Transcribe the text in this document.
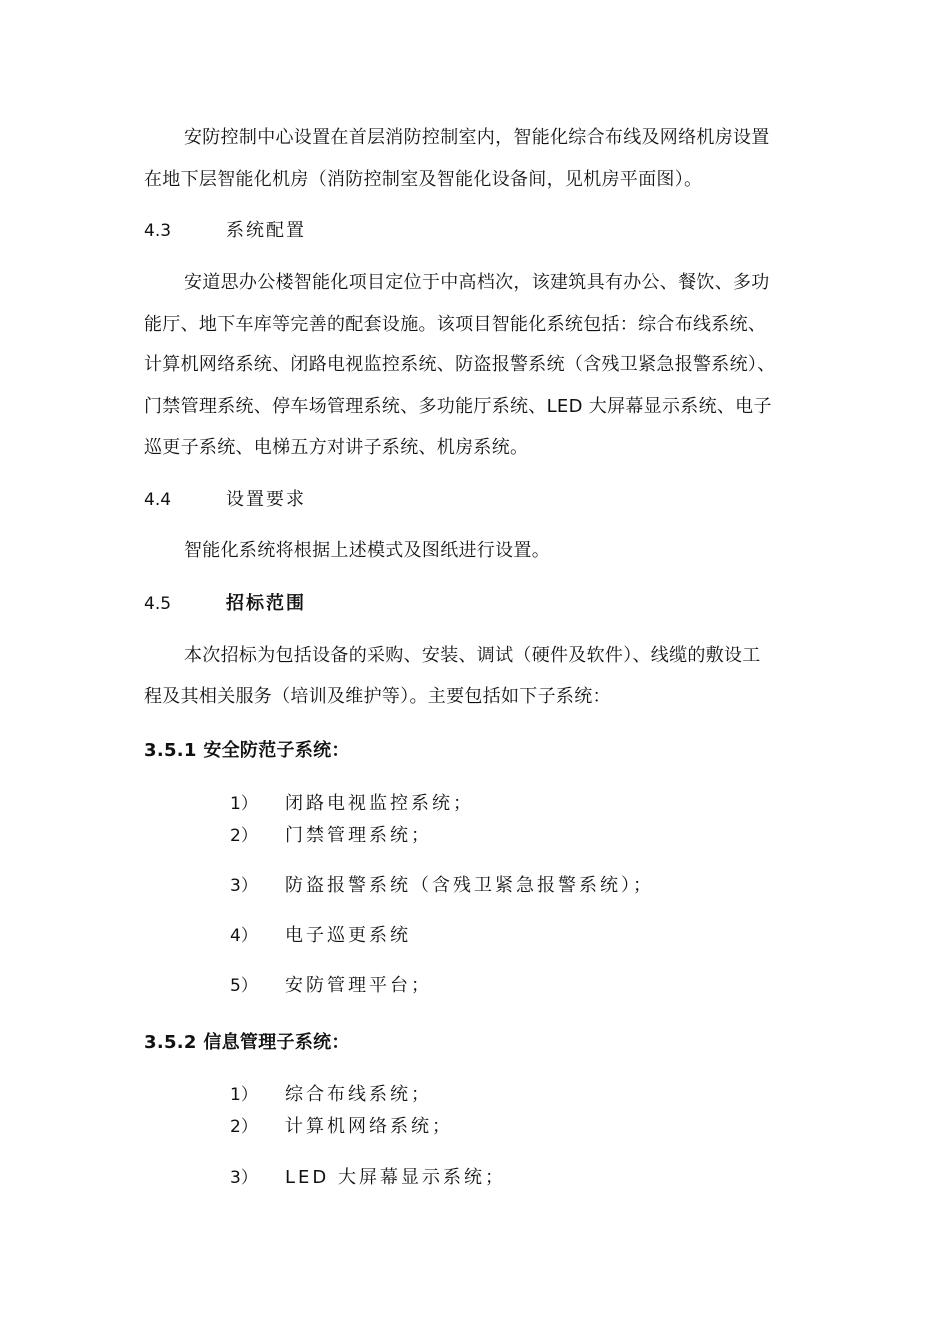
安防控制中心设置在首层消防控制室内，智能化综合布线及网络机房设置
在地下层智能化机房（消防控制室及智能化设备间，见机房平面图）。
4.3	系统配置
安道思办公楼智能化项目定位于中高档次，该建筑具有办公、餐饮、多功
能厅、地下车库等完善的配套设施。该项目智能化系统包括：综合布线系统、
计算机网络系统、闭路电视监控系统、防盗报警系统（含残卫紧急报警系统）、
门禁管理系统、停车场管理系统、多功能厅系统、LED 大屏幕显示系统、电子
巡更子系统、电梯五方对讲子系统、机房系统。
4.4	设置要求
智能化系统将根据上述模式及图纸进行设置。
4.5	招标范围
本次招标为包括设备的采购、安装、调试（硬件及软件）、线缆的敷设工
程及其相关服务（培训及维护等）。主要包括如下子系统：
3.5.1 安全防范子系统：
1） 闭路电视监控系统；
2） 门禁管理系统；
3） 防盗报警系统（含残卫紧急报警系统）；
4） 电子巡更系统
5） 安防管理平台；
3.5.2 信息管理子系统：
1） 综合布线系统；
2） 计算机网络系统；
3） LED 大屏幕显示系统；
